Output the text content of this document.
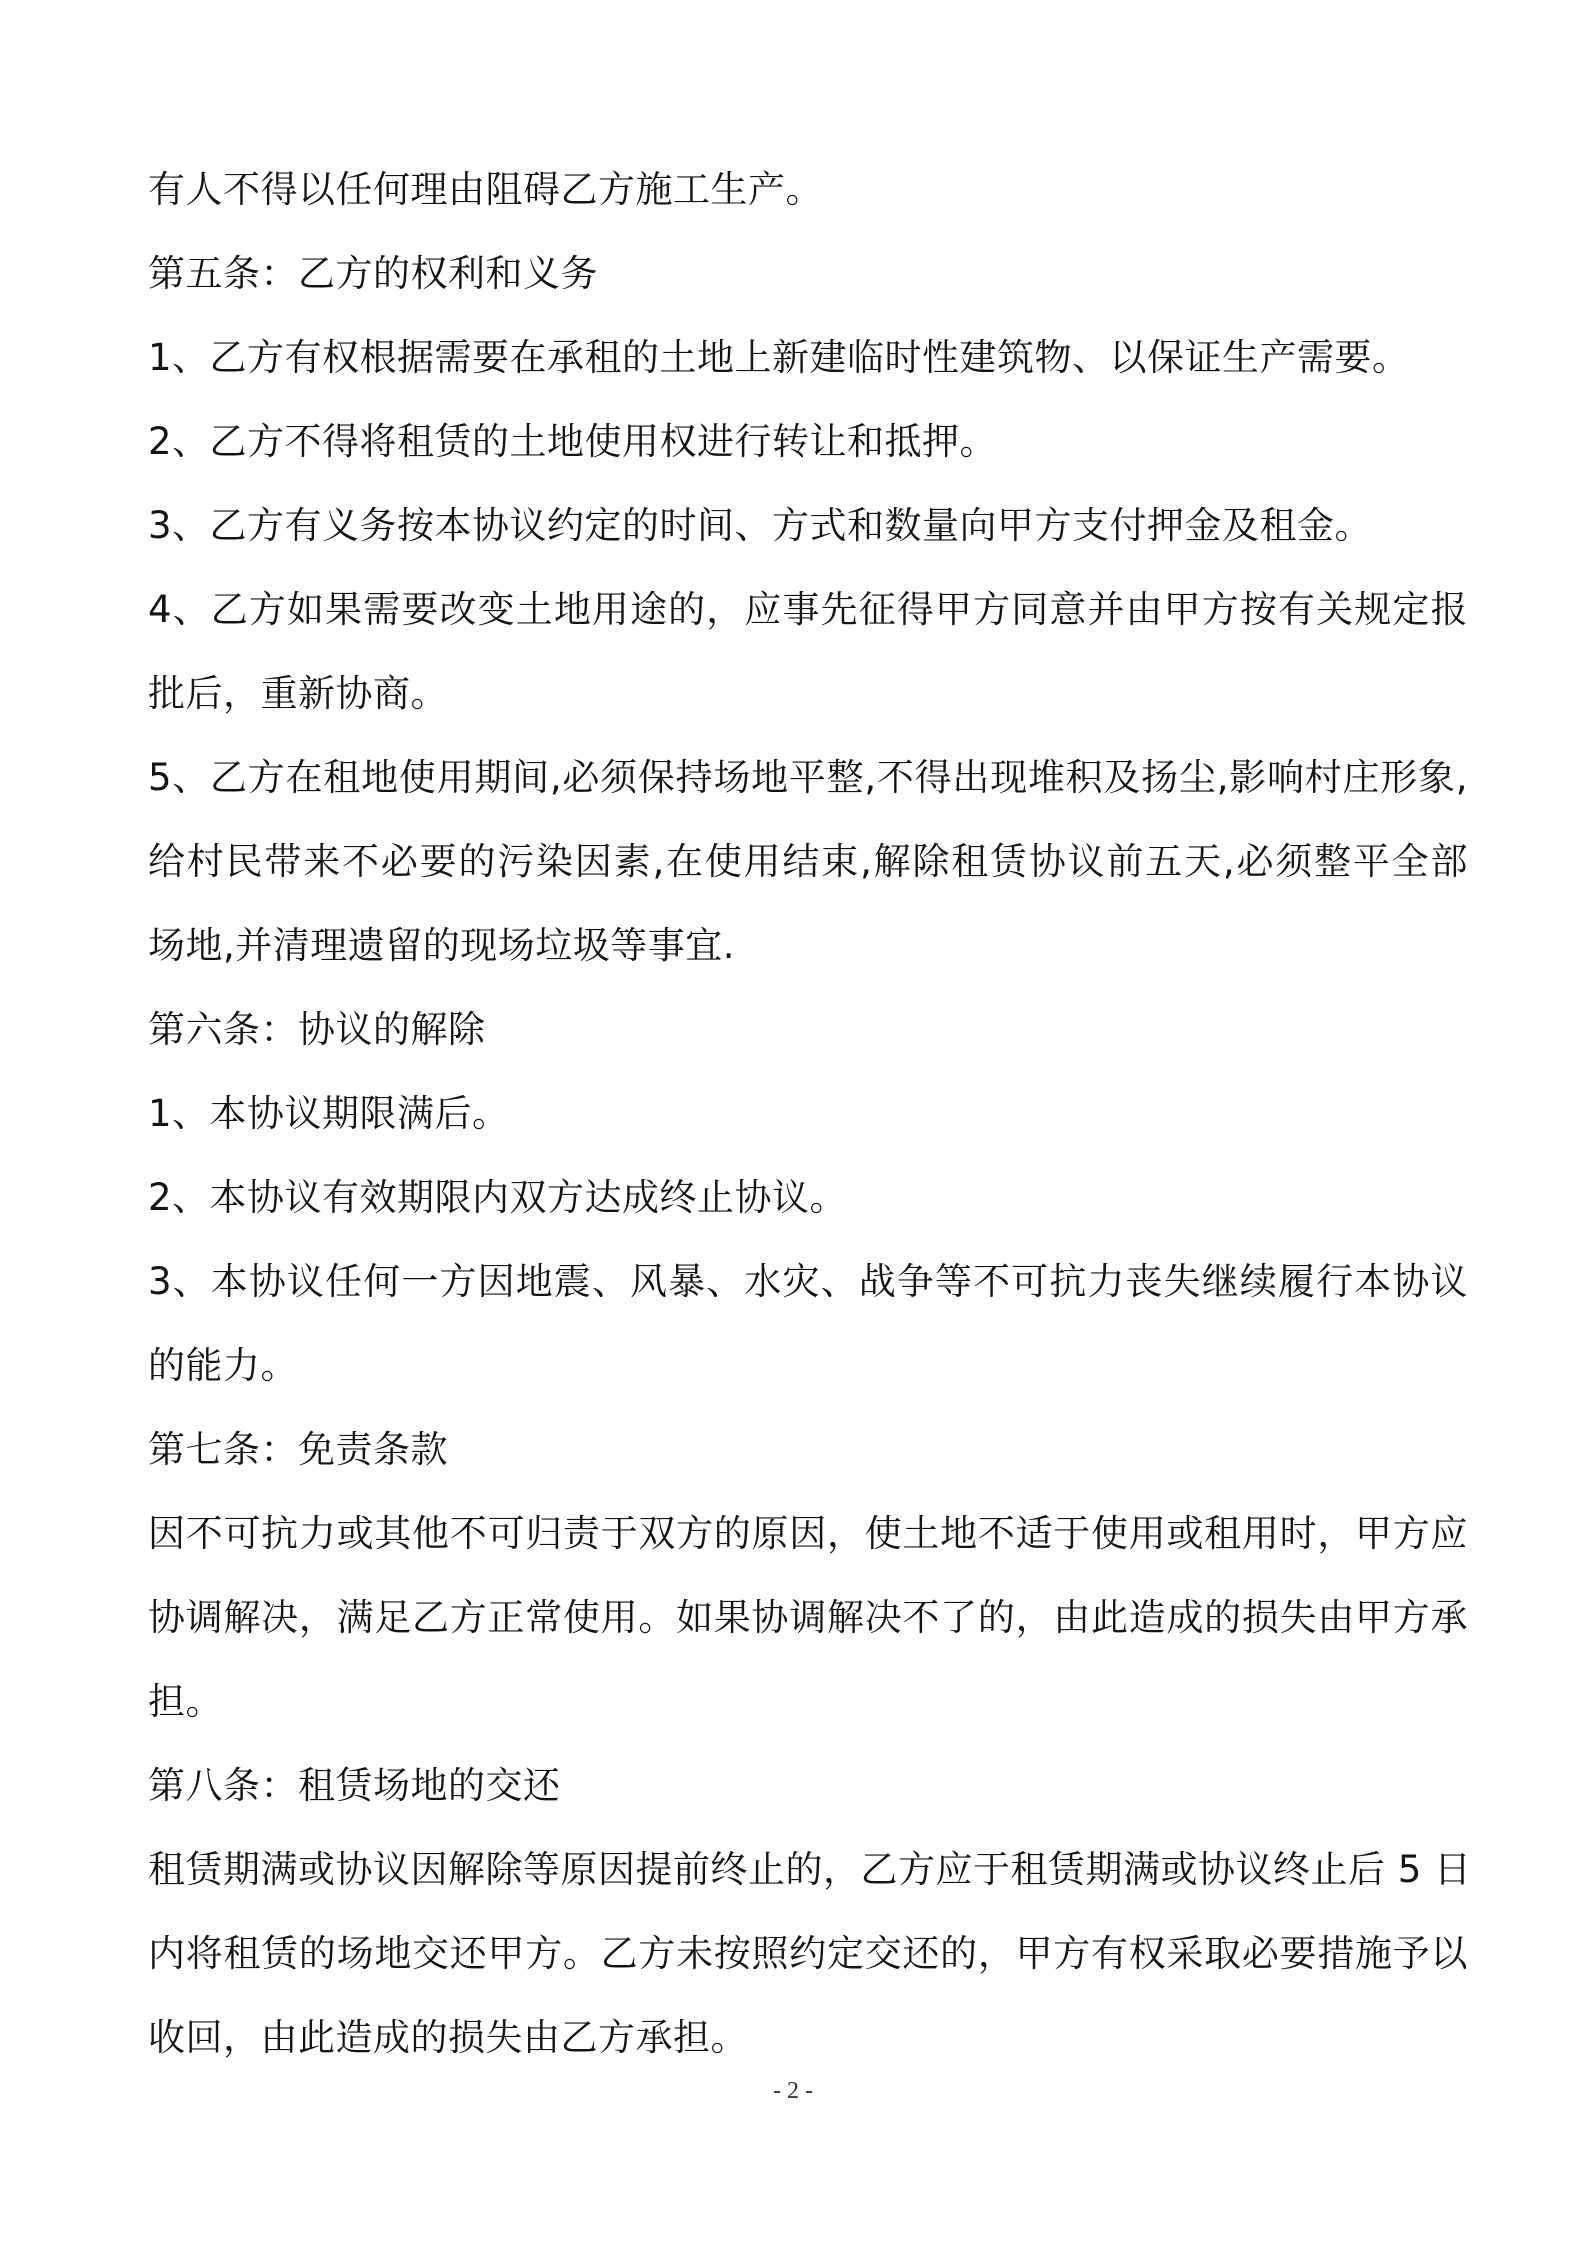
有人不得以任何理由阻碍乙方施工生产。
第五条：乙方的权利和义务
1、乙方有权根据需要在承租的土地上新建临时性建筑物、以保证生产需要。
2、乙方不得将租赁的土地使用权进行转让和抵押。
3、乙方有义务按本协议约定的时间、方式和数量向甲方支付押金及租金。
4、乙方如果需要改变土地用途的，应事先征得甲方同意并由甲方按有关规定报
批后，重新协商。
5、乙方在租地使用期间,必须保持场地平整,不得出现堆积及扬尘,影响村庄形象,
给村民带来不必要的污染因素,在使用结束,解除租赁协议前五天,必须整平全部
场地,并清理遗留的现场垃圾等事宜.
第六条：协议的解除
1、本协议期限满后。
2、本协议有效期限内双方达成终止协议。
3、本协议任何一方因地震、风暴、水灾、战争等不可抗力丧失继续履行本协议
的能力。
第七条：免责条款
因不可抗力或其他不可归责于双方的原因，使土地不适于使用或租用时，甲方应
协调解决，满足乙方正常使用。如果协调解决不了的，由此造成的损失由甲方承
担。
第八条：租赁场地的交还
租赁期满或协议因解除等原因提前终止的，乙方应于租赁期满或协议终止后 5 日
内将租赁的场地交还甲方。乙方未按照约定交还的，甲方有权采取必要措施予以
收回，由此造成的损失由乙方承担。
- 2 -
